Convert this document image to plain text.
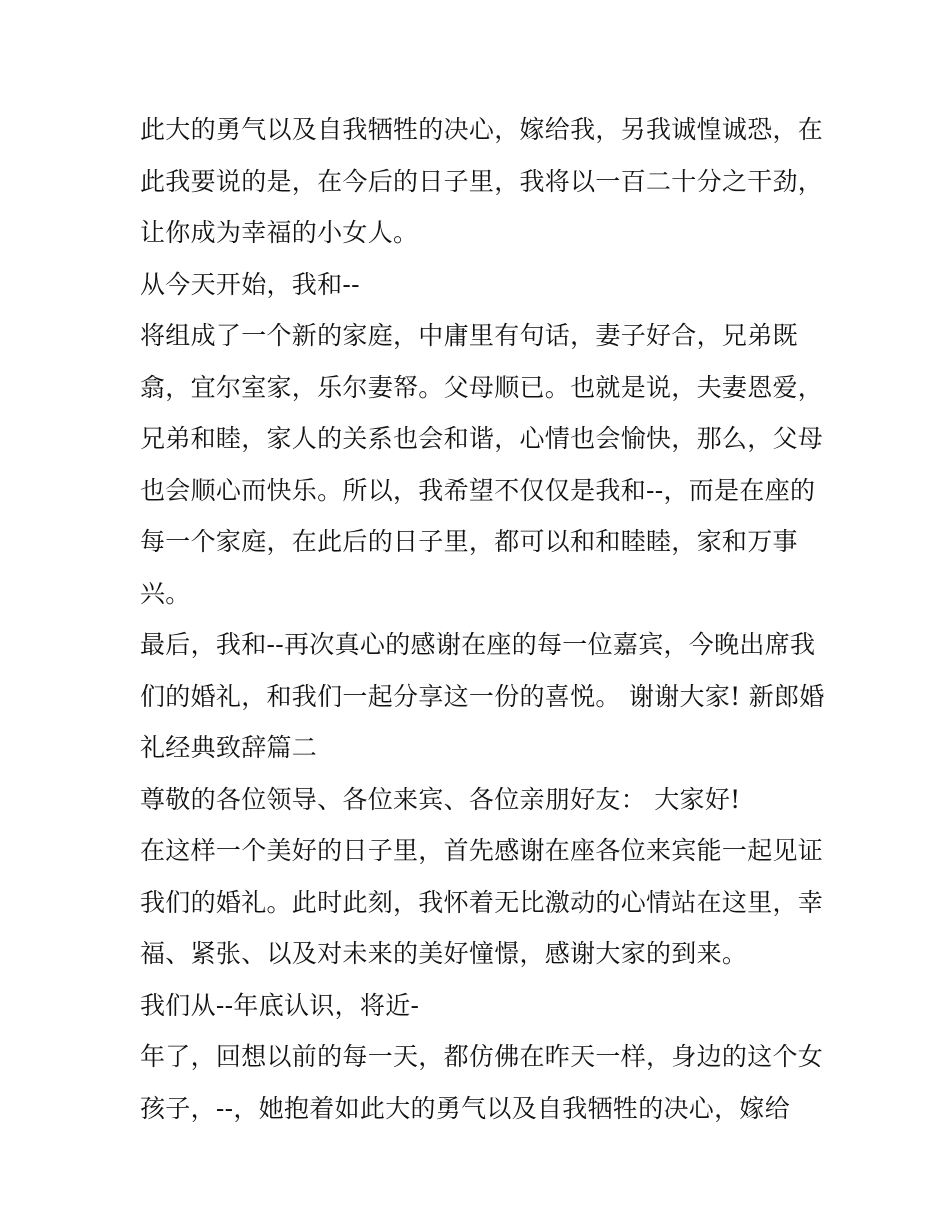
此大的勇气以及自我牺牲的决心，嫁给我，另我诚惶诚恐，在
此我要说的是，在今后的日子里，我将以一百二十分之干劲，
让你成为幸福的小女人。
从今天开始，我和--
将组成了一个新的家庭，中庸里有句话，妻子好合，兄弟既
翕，宜尔室家，乐尔妻帑。父母顺已。也就是说，夫妻恩爱，
兄弟和睦，家人的关系也会和谐，心情也会愉快，那么，父母
也会顺心而快乐。所以，我希望不仅仅是我和--，而是在座的
每一个家庭，在此后的日子里，都可以和和睦睦，家和万事
兴。
最后，我和--再次真心的感谢在座的每一位嘉宾，今晚出席我
们的婚礼，和我们一起分享这一份的喜悦。 谢谢大家! 新郎婚
礼经典致辞篇二
尊敬的各位领导、各位来宾、各位亲朋好友： 大家好!
在这样一个美好的日子里，首先感谢在座各位来宾能一起见证
我们的婚礼。此时此刻，我怀着无比激动的心情站在这里，幸
福、紧张、以及对未来的美好憧憬，感谢大家的到来。
我们从--年底认识，将近-
年了，回想以前的每一天，都仿佛在昨天一样，身边的这个女
孩子，--，她抱着如此大的勇气以及自我牺牲的决心，嫁给
